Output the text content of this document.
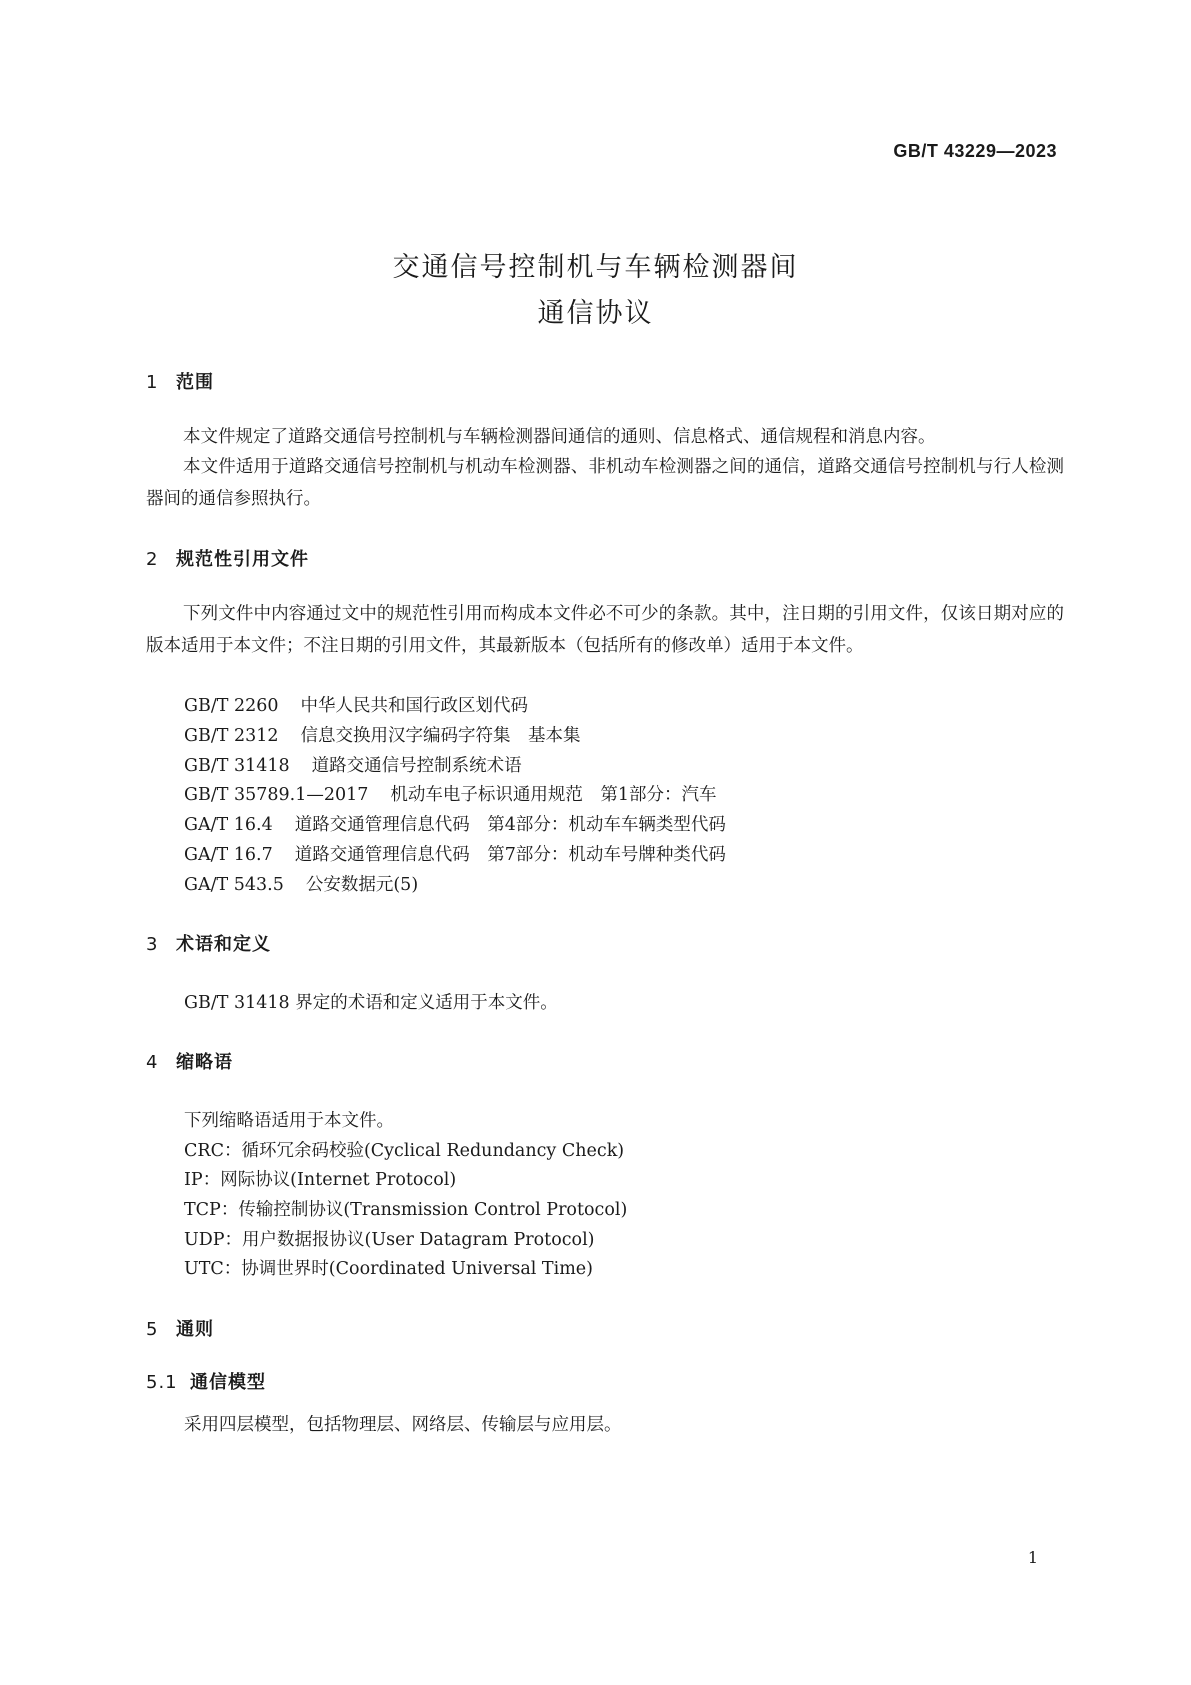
GB/T 43229—2023
交通信号控制机与车辆检测器间
通信协议
1 范围
本文件规定了道路交通信号控制机与车辆检测器间通信的通则、信息格式、通信规程和消息内容。
本文件适用于道路交通信号控制机与机动车检测器、非机动车检测器之间的通信，道路交通信号控制机与行人检测器间的通信参照执行。
2 规范性引用文件
下列文件中内容通过文中的规范性引用而构成本文件必不可少的条款。其中，注日期的引用文件，仅该日期对应的版本适用于本文件；不注日期的引用文件，其最新版本（包括所有的修改单）适用于本文件。
GB/T 2260 中华人民共和国行政区划代码
GB/T 2312 信息交换用汉字编码字符集　基本集
GB/T 31418 道路交通信号控制系统术语
GB/T 35789.1—2017 机动车电子标识通用规范　第1部分：汽车
GA/T 16.4 道路交通管理信息代码　第4部分：机动车车辆类型代码
GA/T 16.7 道路交通管理信息代码　第7部分：机动车号牌种类代码
GA/T 543.5 公安数据元(5)
3 术语和定义
GB/T 31418 界定的术语和定义适用于本文件。
4 缩略语
下列缩略语适用于本文件。
CRC：循环冗余码校验(Cyclical Redundancy Check)
IP：网际协议(Internet Protocol)
TCP：传输控制协议(Transmission Control Protocol)
UDP：用户数据报协议(User Datagram Protocol)
UTC：协调世界时(Coordinated Universal Time)
5 通则
5.1 通信模型
采用四层模型，包括物理层、网络层、传输层与应用层。
1
